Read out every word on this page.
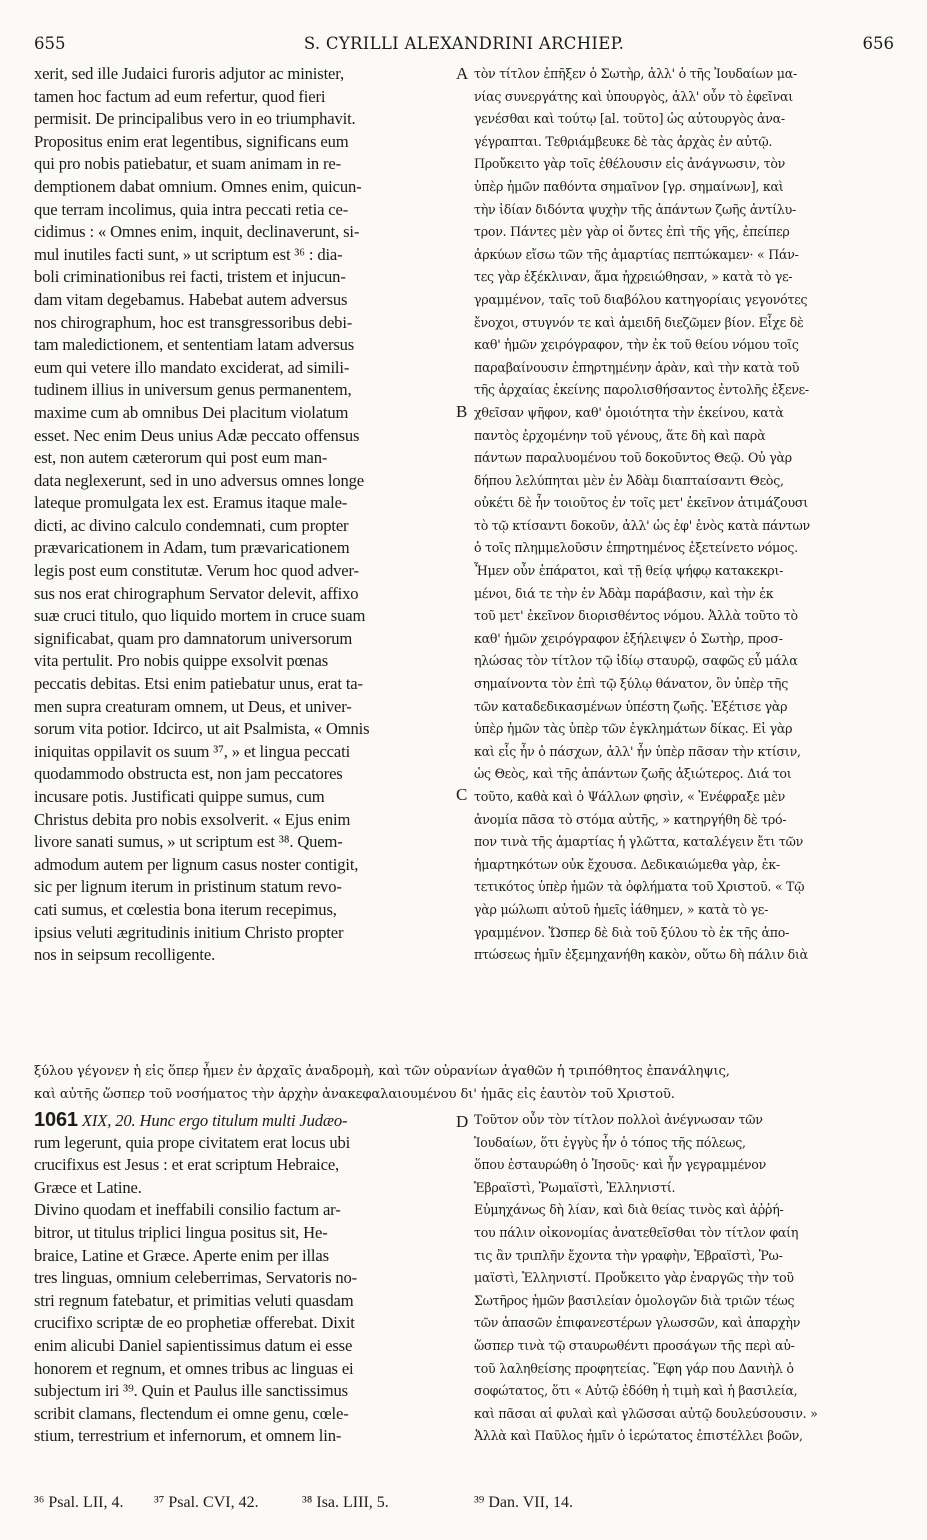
655	S. CYRILLI ALEXANDRINI ARCHIEP.	656
xerit, sed ille Judaici furoris adjutor ac minister,
tamen hoc factum ad eum refertur, quod fieri
permisit. De principalibus vero in eo triumphavit.
Propositus enim erat legentibus, significans eum
qui pro nobis patiebatur, et suam animam in re-
demptionem dabat omnium. Omnes enim, quicun-
que terram incolimus, quia intra peccati retia ce-
cidimus : « Omnes enim, inquit, declinaverunt, si-
mul inutiles facti sunt, » ut scriptum est ³⁶ : dia-
boli criminationibus rei facti, tristem et injucun-
dam vitam degebamus. Habebat autem adversus
nos chirographum, hoc est transgressoribus debi-
tam maledictionem, et sententiam latam adversus
eum qui vetere illo mandato exciderat, ad simili-
tudinem illius in universum genus permanentem,
maxime cum ab omnibus Dei placitum violatum
esset. Nec enim Deus unius Adæ peccato offensus
est, non autem cæterorum qui post eum man-
data neglexerunt, sed in uno adversus omnes longe
lateque promulgata lex est. Eramus itaque male-
dicti, ac divino calculo condemnati, cum propter
prævaricationem in Adam, tum prævaricationem
legis post eum constitutæ. Verum hoc quod adver-
sus nos erat chirographum Servator delevit, affixo
suæ cruci titulo, quo liquido mortem in cruce suam
significabat, quam pro damnatorum universorum
vita pertulit. Pro nobis quippe exsolvit pœnas
peccatis debitas. Etsi enim patiebatur unus, erat ta-
men supra creaturam omnem, ut Deus, et univer-
sorum vita potior. Idcirco, ut ait Psalmista, « Omnis
iniquitas oppilavit os suum ³⁷, » et lingua peccati
quodammodo obstructa est, non jam peccatores
incusare potis. Justificati quippe sumus, cum
Christus debita pro nobis exsolverit. « Ejus enim
livore sanati sumus, » ut scriptum est ³⁸. Quem-
admodum autem per lignum casus noster contigit,
sic per lignum iterum in pristinum statum revo-
cati sumus, et cœlestia bona iterum recepimus,
ipsius veluti ægritudinis initium Christo propter
nos in seipsum recolligente.
τὸν τίτλον ἐπῆξεν ὁ Σωτὴρ, ἀλλ' ὁ τῆς Ἰουδαίων μα-
νίας συνεργάτης καὶ ὑπουργὸς, ἀλλ' οὖν τὸ ἐφεῖναι
γενέσθαι καὶ τούτῳ [al. τοῦτο] ὡς αὐτουργὸς ἀνα-
γέγραπται. Τεθριάμβευκε δὲ τὰς ἀρχὰς ἐν αὐτῷ.
Προὔκειτο γὰρ τοῖς ἐθέλουσιν εἰς ἀνάγνωσιν, τὸν
ὑπὲρ ἡμῶν παθόντα σημαῖνον [γρ. σημαίνων], καὶ
τὴν ἰδίαν διδόντα ψυχὴν τῆς ἁπάντων ζωῆς ἀντίλυ-
τρον. Πάντες μὲν γὰρ οἱ ὄντες ἐπὶ τῆς γῆς, ἐπείπερ
ἀρκύων εἴσω τῶν τῆς ἁμαρτίας πεπτώκαμεν· « Πάν-
τες γὰρ ἐξέκλιναν, ἅμα ἠχρειώθησαν, » κατὰ τὸ γε-
γραμμένον, ταῖς τοῦ διαβόλου κατηγορίαις γεγονότες
ἔνοχοι, στυγνόν τε καὶ ἀμειδῆ διεζῶμεν βίον. Εἶχε δὲ
καθ' ἡμῶν χειρόγραφον, τὴν ἐκ τοῦ θείου νόμου τοῖς
παραβαίνουσιν ἐπηρτημένην ἀρὰν, καὶ τὴν κατὰ τοῦ
τῆς ἀρχαίας ἐκείνης παρολισθήσαντος ἐντολῆς ἐξενε-
χθεῖσαν ψῆφον, καθ' ὁμοιότητα τὴν ἐκείνου, κατὰ
παντὸς ἐρχομένην τοῦ γένους, ἅτε δὴ καὶ παρὰ
πάντων παραλυομένου τοῦ δοκοῦντος Θεῷ. Οὐ γὰρ
δήπου λελύπηται μὲν ἐν Ἀδὰμ διαπταίσαντι Θεὸς,
οὐκέτι δὲ ἦν τοιοῦτος ἐν τοῖς μετ' ἐκεῖνον ἀτιμάζουσι
τὸ τῷ κτίσαντι δοκοῦν, ἀλλ' ὡς ἐφ' ἑνὸς κατὰ πάντων
ὁ τοῖς πλημμελοῦσιν ἐπηρτημένος ἐξετείνετο νόμος.
Ἦμεν οὖν ἐπάρατοι, καὶ τῇ θείᾳ ψήφῳ κατακεκρι-
μένοι, διά τε τὴν ἐν Ἀδὰμ παράβασιν, καὶ τὴν ἐκ
τοῦ μετ' ἐκεῖνον διορισθέντος νόμου. Ἀλλὰ τοῦτο τὸ
καθ' ἡμῶν χειρόγραφον ἐξήλειψεν ὁ Σωτὴρ, προσ-
ηλώσας τὸν τίτλον τῷ ἰδίῳ σταυρῷ, σαφῶς εὖ μάλα
σημαίνοντα τὸν ἐπὶ τῷ ξύλῳ θάνατον, ὃν ὑπὲρ τῆς
τῶν καταδεδικασμένων ὑπέστη ζωῆς. Ἐξέτισε γὰρ
ὑπὲρ ἡμῶν τὰς ὑπὲρ τῶν ἐγκλημάτων δίκας. Εἰ γὰρ
καὶ εἷς ἦν ὁ πάσχων, ἀλλ' ἦν ὑπὲρ πᾶσαν τὴν κτίσιν,
ὡς Θεὸς, καὶ τῆς ἁπάντων ζωῆς ἀξιώτερος. Διά τοι
τοῦτο, καθὰ καὶ ὁ Ψάλλων φησὶν, « Ἐνέφραξε μὲν
ἀνομία πᾶσα τὸ στόμα αὐτῆς, » κατηργήθη δὲ τρό-
πον τινὰ τῆς ἁμαρτίας ἡ γλῶττα, καταλέγειν ἔτι τῶν
ἡμαρτηκότων οὐκ ἔχουσα. Δεδικαιώμεθα γὰρ, ἐκ-
τετικότος ὑπὲρ ἡμῶν τὰ ὀφλήματα τοῦ Χριστοῦ. « Τῷ
γὰρ μώλωπι αὐτοῦ ἡμεῖς ἰάθημεν, » κατὰ τὸ γε-
γραμμένον. Ὥσπερ δὲ διὰ τοῦ ξύλου τὸ ἐκ τῆς ἀπο-
πτώσεως ἡμῖν ἐξεμηχανήθη κακὸν, οὕτω δὴ πάλιν διὰ
A
B
C
D
ξύλου γέγονεν ἡ εἰς ὅπερ ἦμεν ἐν ἀρχαῖς ἀναδρομὴ, καὶ τῶν οὐρανίων ἀγαθῶν ἡ τριπόθητος ἐπανάληψις,
καὶ αὐτῆς ὥσπερ τοῦ νοσήματος τὴν ἀρχὴν ἀνακεφαλαιουμένου δι' ἡμᾶς εἰς ἑαυτὸν τοῦ Χριστοῦ.
1061 XIX, 20. Hunc ergo titulum multi Judæo-
rum legerunt, quia prope civitatem erat locus ubi
crucifixus est Jesus : et erat scriptum Hebraice,
Græce et Latine.
Divino quodam et ineffabili consilio factum ar-
bitror, ut titulus triplici lingua positus sit, He-
braice, Latine et Græce. Aperte enim per illas
tres linguas, omnium celeberrimas, Servatoris no-
stri regnum fatebatur, et primitias veluti quasdam
crucifixo scriptæ de eo prophetiæ offerebat. Dixit
enim alicubi Daniel sapientissimus datum ei esse
honorem et regnum, et omnes tribus ac linguas ei
subjectum iri ³⁹. Quin et Paulus ille sanctissimus
scribit clamans, flectendum ei omne genu, cœle-
stium, terrestrium et infernorum, et omnem lin-
Τοῦτον οὖν τὸν τίτλον πολλοὶ ἀνέγνωσαν τῶν
Ἰουδαίων, ὅτι ἐγγὺς ἦν ὁ τόπος τῆς πόλεως,
ὅπου ἐσταυρώθη ὁ Ἰησοῦς· καὶ ἦν γεγραμμένον
Ἑβραϊστὶ, Ῥωμαϊστὶ, Ἑλληνιστί.
Εὐμηχάνως δὴ λίαν, καὶ διὰ θείας τινὸς καὶ ἀῤῥή-
του πάλιν οἰκονομίας ἀνατεθεῖσθαι τὸν τίτλον φαίη
τις ἂν τριπλῆν ἔχοντα τὴν γραφὴν, Ἑβραϊστὶ, Ῥω-
μαϊστὶ, Ἑλληνιστί. Προὔκειτο γὰρ ἐναργῶς τὴν τοῦ
Σωτῆρος ἡμῶν βασιλείαν ὁμολογῶν διὰ τριῶν τέως
τῶν ἁπασῶν ἐπιφανεστέρων γλωσσῶν, καὶ ἀπαρχὴν
ὥσπερ τινὰ τῷ σταυρωθέντι προσάγων τῆς περὶ αὐ-
τοῦ λαληθείσης προφητείας. Ἔφη γάρ που Δανιὴλ ὁ
σοφώτατος, ὅτι « Αὐτῷ ἐδόθη ἡ τιμὴ καὶ ἡ βασιλεία,
καὶ πᾶσαι αἱ φυλαὶ καὶ γλῶσσαι αὐτῷ δουλεύσουσιν. »
Ἀλλὰ καὶ Παῦλος ἡμῖν ὁ ἱερώτατος ἐπιστέλλει βοῶν,
³⁶ Psal. LII, 4. ³⁷ Psal. CVI, 42.	³⁸ Isa. LIII, 5.	³⁹ Dan. VII, 14.
